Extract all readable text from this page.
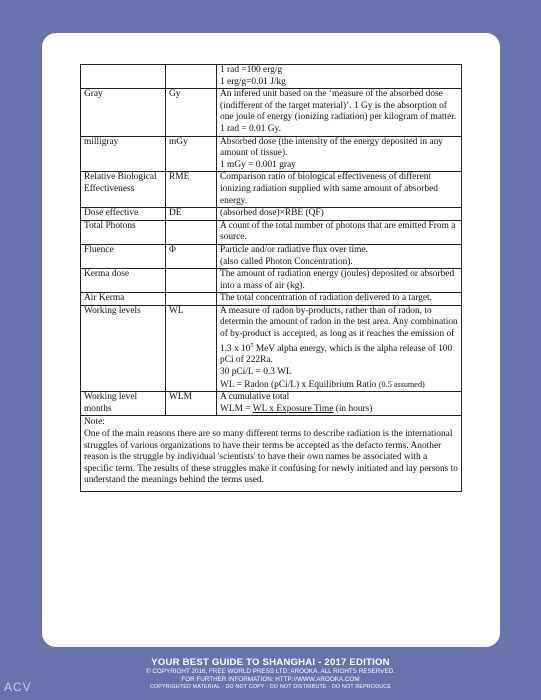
		1 rad =100 erg/g
1 erg/g=0.01 J/kg

Gray	Gy	An infered unit based on the ‘measure of the absorbed dose (indifferent of the target material)’. 1 Gy is the absorption of one joule of energy (ionizing radiation) per kilogram of matter. 1 rad = 0.01 Gy.
milligray	mGy	Absorbed dose (the intensity of the energy deposited in any amount of tissue).
1 mGy = 0.001 gray

Relative Biological Effectiveness	RME	Comparison ratio of biological effectiveness of different ionizing radiation supplied with same amount of absorbed energy.
Dose effective	DE	(absorbed dose)×RBE (QF)
Total Photons		A count of the total number of photons that are emitted From a source.
Fluence	Φ	Particle and/or radiative flux over time.
(also called Photon Concentration).

Kerma dose		The amount of radiation energy (joules) deposited or absorbed into a mass of air (kg).
Air Kerma		The total concentration of radiation delivered to a target.
Working levels	WL	A measure of radon by-products, rather than of radon, to determin the amount of radon in the test area. Any combination of by-product is accepted, as long as it reaches the emission of 1.3 x $10^5$ MeV alpha energy, which is the alpha release of 100 pCi of 222Ra.
30 pCi/L = 0.3 WL
WL = Radon (pCi/L) x Equilibrium Ratio (0.5 assumed)

Working level months	WLM	A cumulative total
WLM = WL x Exposure Time (in hours)

Note:
One of the main reasons there are so many different terms to describe radiation is the international struggles of various organizations to have their terms be accepted as the defacto terms. Another reason is the struggle by individual 'scientists' to have their own names be associated with a specific term. The results of these struggles make it confusing for newly initiated and lay persons to understand the meanings behind the terms used.		
YOUR BEST GUIDE TO SHANGHAI - 2017 EDITION
© COPYRIGHT 2016, FREE WORLD PRESS LTD; AROOKA. ALL RIGHTS RESERVED.
FOR FURTHER INFORMATION: HTTP://WWW.AROOKA.COM
COPYRIGHTED MATERIAL - DO NOT COPY - DO NOT DISTRIBUTE - DO NOT REPRODUCE
ACV
